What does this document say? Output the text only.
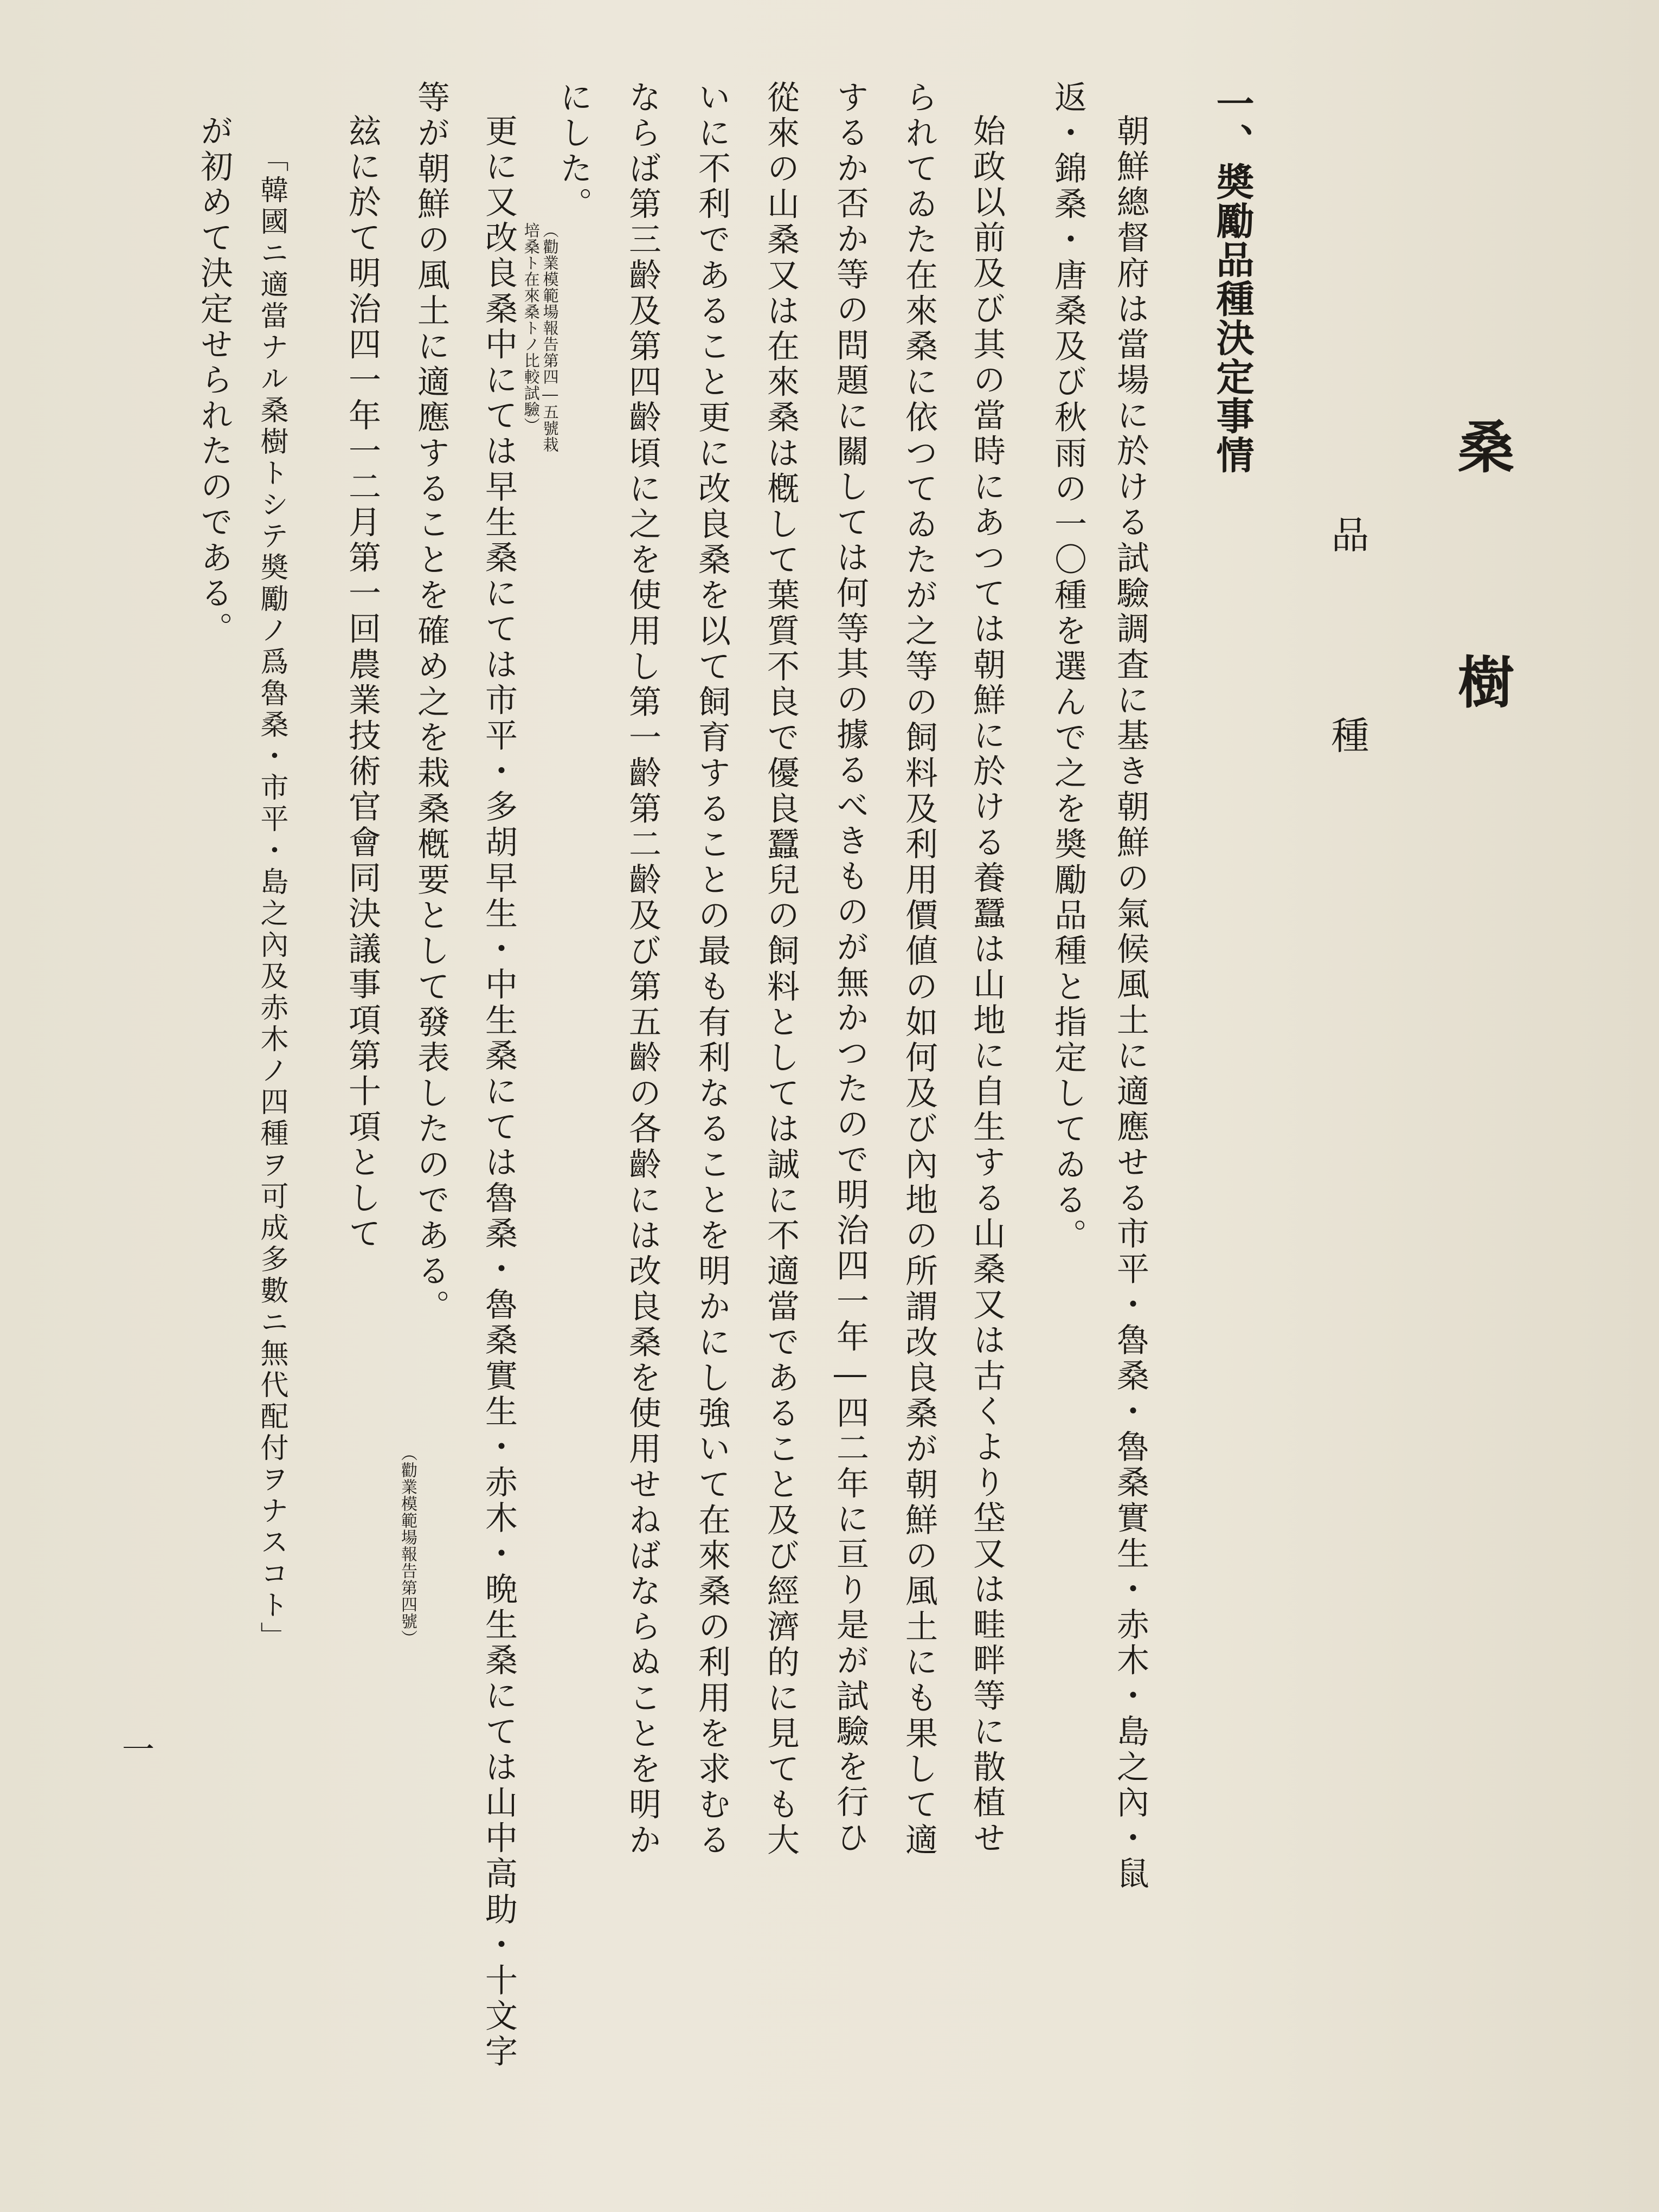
桑樹
品種
一、奬勵品種決定事情
朝鮮總督府は當場に於ける試驗調査に基き朝鮮の氣候風土に適應せる市平・魯桑・魯桑實生・赤木・島之內・鼠
返・錦桑・唐桑及び秋雨の一〇種を選んで之を奬勵品種と指定してゐる。
始政以前及び其の當時にあつては朝鮮に於ける養蠶は山地に自生する山桑又は古くより垈又は畦畔等に散植せ
られてゐた在來桑に依つてゐたが之等の飼料及利用價値の如何及び內地の所謂改良桑が朝鮮の風土にも果して適
するか否か等の問題に關しては何等其の據るべきものが無かつたので明治四一年―四二年に亘り是が試驗を行ひ
從來の山桑又は在來桑は槪して葉質不良で優良蠶兒の飼料としては誠に不適當であること及び經濟的に見ても大
いに不利であること更に改良桑を以て飼育することの最も有利なることを明かにし強いて在來桑の利用を求むる
ならば第三齡及第四齡頃に之を使用し第一齡第二齡及び第五齡の各齡には改良桑を使用せねばならぬことを明か
にした。
（勸業模範場報告第四―五號栽
培桑ト在來桑トノ比較試驗）
更に又改良桑中にては早生桑にては市平・多胡早生・中生桑にては魯桑・魯桑實生・赤木・晩生桑にては山中高助・十文字
等が朝鮮の風土に適應することを確め之を栽桑槪要として發表したのである。
（勸業模範場報告第四號）
玆に於て明治四一年一二月第一回農業技術官會同決議事項第十項として
「韓國ニ適當ナル桑樹トシテ奬勵ノ爲魯桑・市平・島之內及赤木ノ四種ヲ可成多數ニ無代配付ヲナスコト」
が初めて決定せられたのである。
一
